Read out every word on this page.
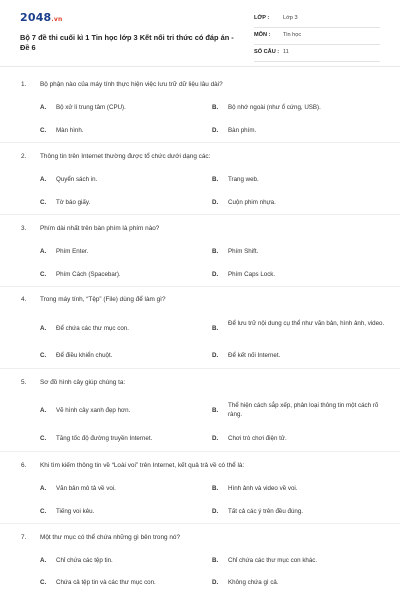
2048.vn
Bộ 7 đề thi cuối kì 1 Tin học lớp 3 Kết nối tri thức có đáp án - Đề 6
LỚP : Lớp 3
MÔN : Tin học
SỐ CÂU : 11
1. Bộ phận nào của máy tính thực hiện việc lưu trữ dữ liệu lâu dài?
A. Bộ xử lí trung tâm (CPU).	B. Bộ nhớ ngoài (như ổ cứng, USB).
C. Màn hình.	D. Bàn phím.
2. Thông tin trên Internet thường được tổ chức dưới dạng các:
A. Quyển sách in.	B. Trang web.
C. Tờ báo giấy.	D. Cuộn phim nhựa.
3. Phím dài nhất trên bàn phím là phím nào?
A. Phím Enter.	B. Phím Shift.
C. Phím Cách (Spacebar).	D. Phím Caps Lock.
4. Trong máy tính, “Tệp” (File) dùng để làm gì?
A. Để chứa các thư mục con.	B.
Để lưu trữ nội dung cụ thể như văn bản, hình ảnh, video.
C. Để điều khiển chuột.	D. Để kết nối Internet.
5. Sơ đồ hình cây giúp chúng ta:
A. Vẽ hình cây xanh đẹp hơn.	B.
Thể hiện cách sắp xếp, phân loại thông tin một cách rõ ràng.
C. Tăng tốc độ đường truyền Internet.	D. Chơi trò chơi điện tử.
6. Khi tìm kiếm thông tin về “Loài voi” trên Internet, kết quả trả về có thể là:
A. Văn bản mô tả về voi.	B. Hình ảnh và video về voi.
C. Tiếng voi kêu.	D. Tất cả các ý trên đều đúng.
7. Một thư mục có thể chứa những gì bên trong nó?
A. Chỉ chứa các tệp tin.	B. Chỉ chứa các thư mục con khác.
C. Chứa cả tệp tin và các thư mục con.	D. Không chứa gì cả.
